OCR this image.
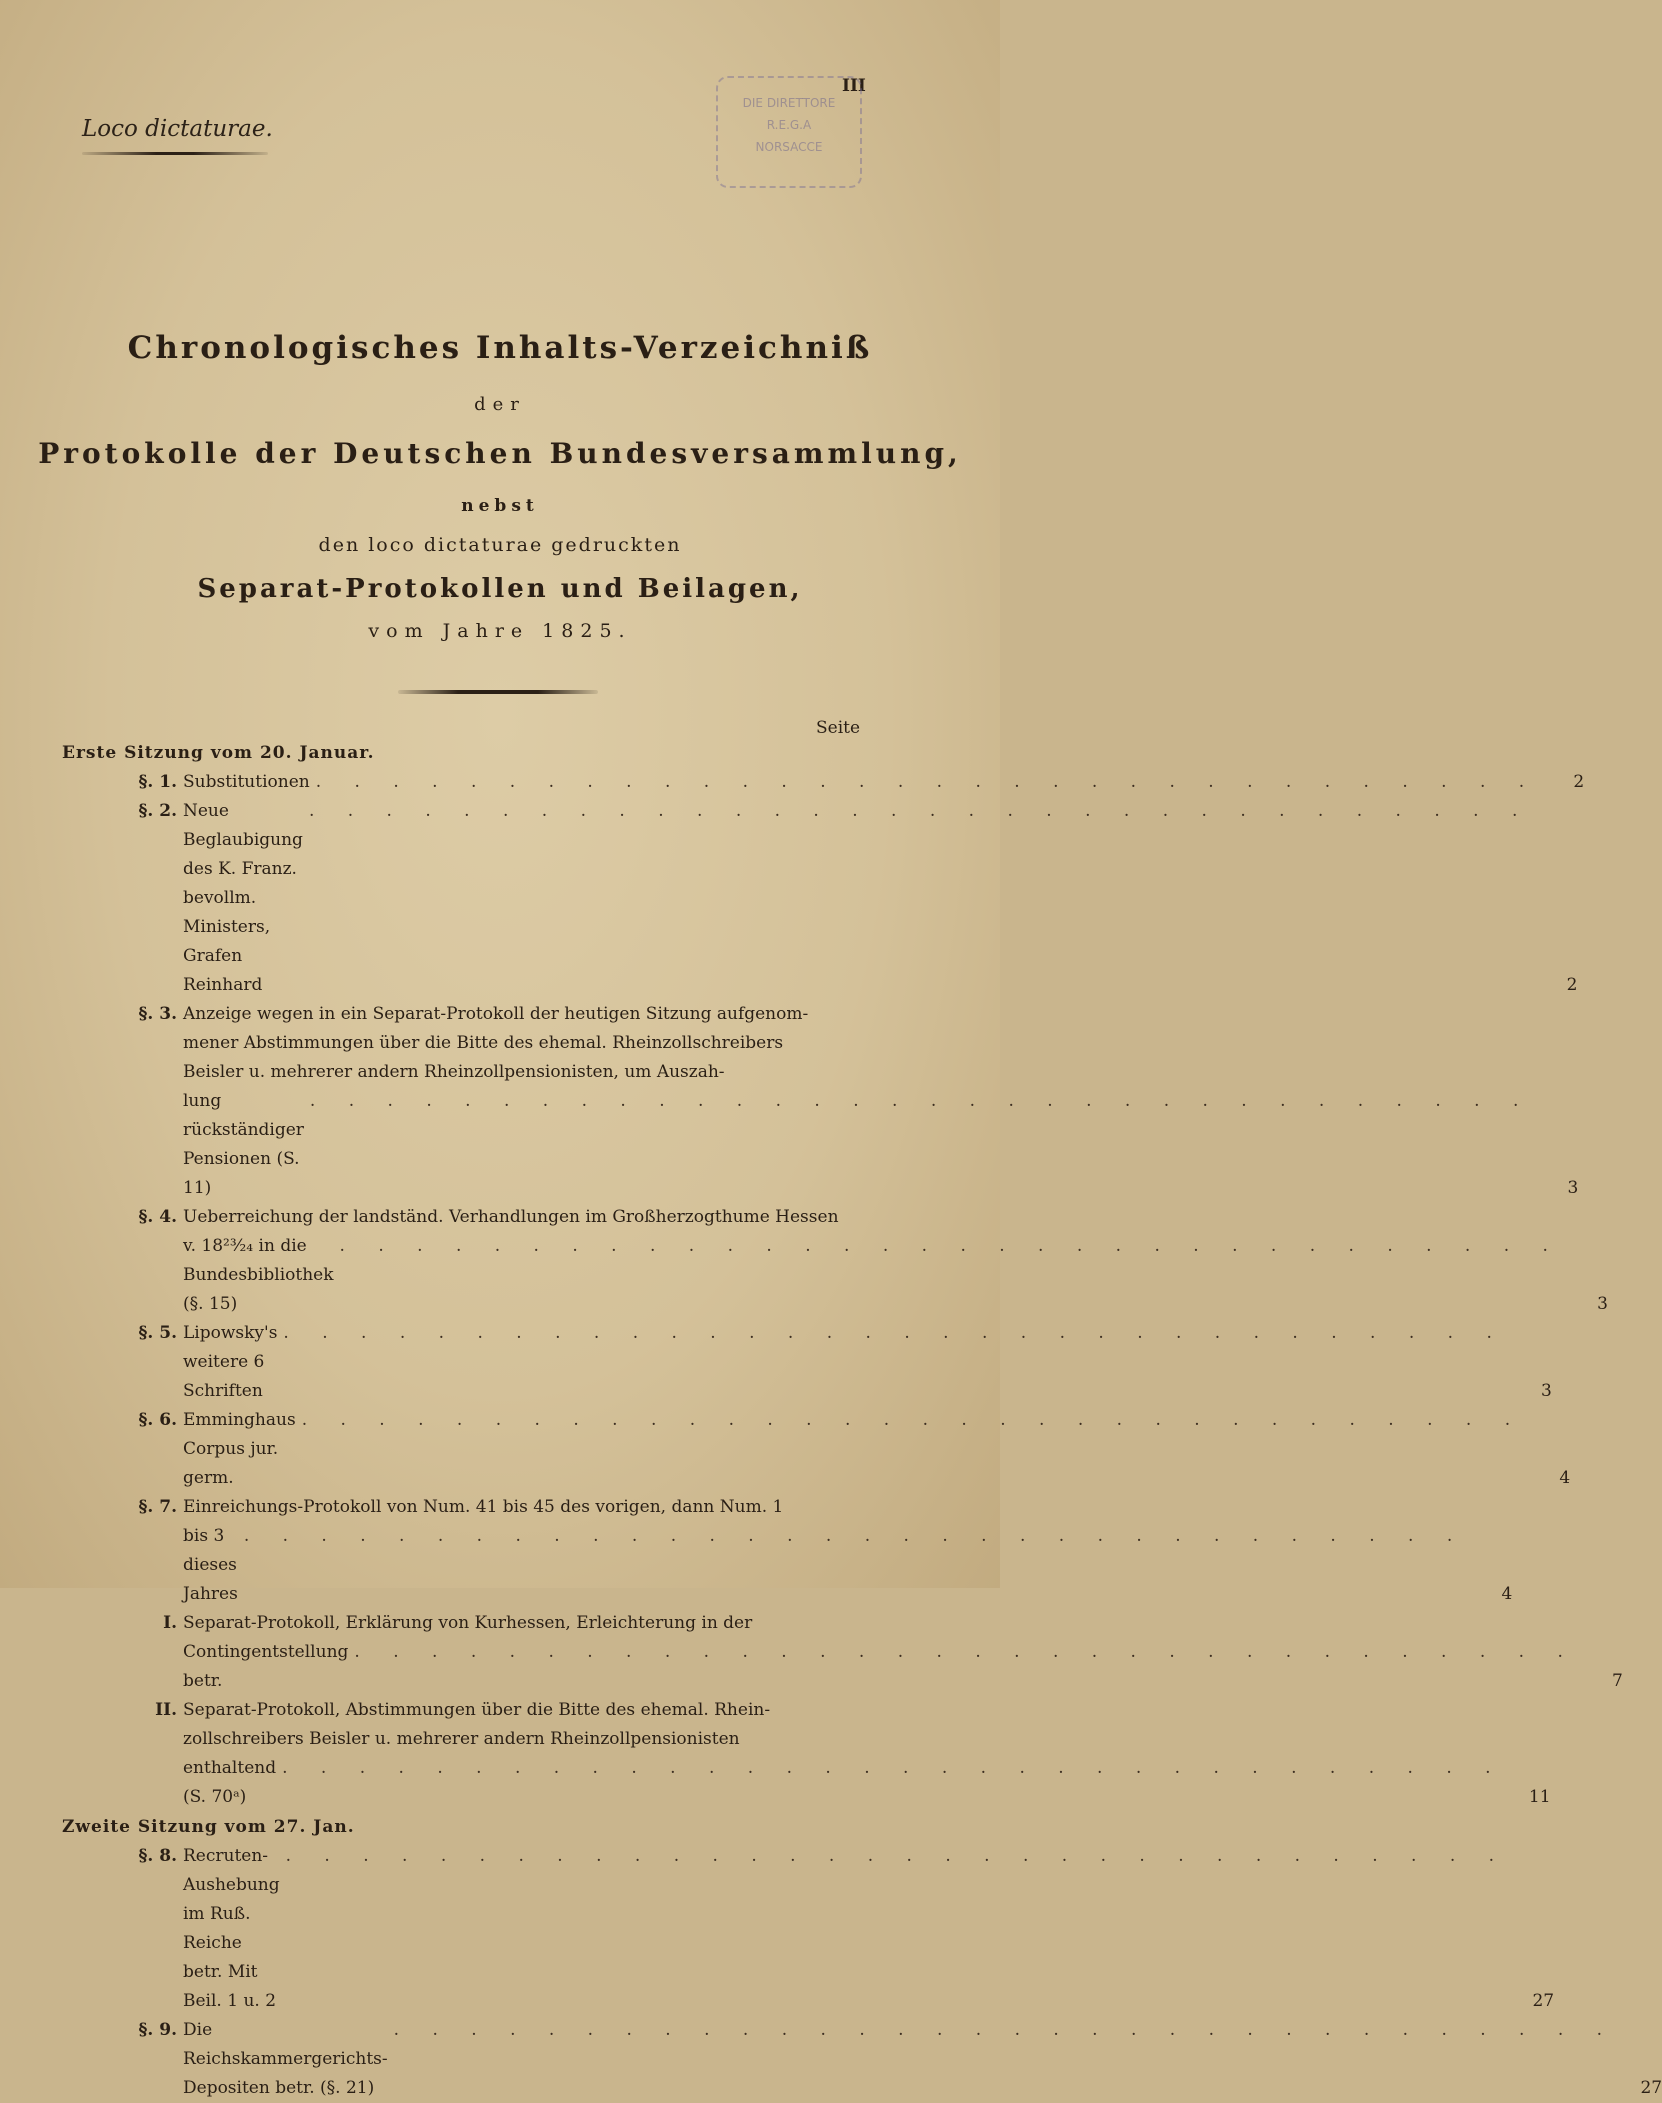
Loco dictaturae.
III
DIE DIRETTORE
R.E.G.A
NORSACCE
Chronologisches Inhalts-Verzeichniß
der
Protokolle der Deutschen Bundesversammlung,
nebst
den loco dictaturae gedruckten
Separat-Protokollen und Beilagen,
vom Jahre 1825.
Seite
Erste Sitzung vom 20. Januar.
§. 1. Substitutionen . . . . . . . . . . . . . . . . . . . . . . . . . . . . . . . .	2
§. 2. Neue Beglaubigung des K. Franz. bevollm. Ministers, Grafen Reinhard
. . . . . . . . . . . . . . . . . . . . . . . . . . . . . . . .
2
§. 3. Anzeige wegen in ein Separat-Protokoll der heutigen Sitzung aufgenom-
mener Abstimmungen über die Bitte des ehemal. Rheinzollschreibers
Beisler u. mehrerer andern Rheinzollpensionisten, um Auszah-
lung rückständiger Pensionen (S. 11)
. . . . . . . . . . . . . . . . . . . . . . . . . . . . . . . .
3
§. 4. Ueberreichung der landständ. Verhandlungen im Großherzogthume Hessen
v. 18²³⁄₂₄ in die Bundesbibliothek (§. 15)
. . . . . . . . . . . . . . . . . . . . . . . . . . . . . . . .
3
§. 5. Lipowsky's weitere 6 Schriften
. . . . . . . . . . . . . . . . . . . . . . . . . . . . . . . .
3
§. 6. Emminghaus Corpus jur. germ.
. . . . . . . . . . . . . . . . . . . . . . . . . . . . . . . .
4
§. 7. Einreichungs-Protokoll von Num. 41 bis 45 des vorigen, dann Num. 1
bis 3 dieses Jahres
. . . . . . . . . . . . . . . . . . . . . . . . . . . . . . . .
4
I. Separat-Protokoll, Erklärung von Kurhessen, Erleichterung in der
Contingentstellung betr.
. . . . . . . . . . . . . . . . . . . . . . . . . . . . . . . .
7
II. Separat-Protokoll, Abstimmungen über die Bitte des ehemal. Rhein-
zollschreibers Beisler u. mehrerer andern Rheinzollpensionisten
enthaltend (S. 70ᵃ)
. . . . . . . . . . . . . . . . . . . . . . . . . . . . . . . .
11
Zweite Sitzung vom 27. Jan.
§. 8. Recruten-Aushebung im Ruß. Reiche betr. Mit Beil. 1 u. 2
. . . . . . . . . . . . . . . . . . . . . . . . . . . . . . . .
27
§. 9. Die Reichskammergerichts-Depositen betr. (§. 21)
. . . . . . . . . . . . . . . . . . . . . . . . . . . . . . . .
27
